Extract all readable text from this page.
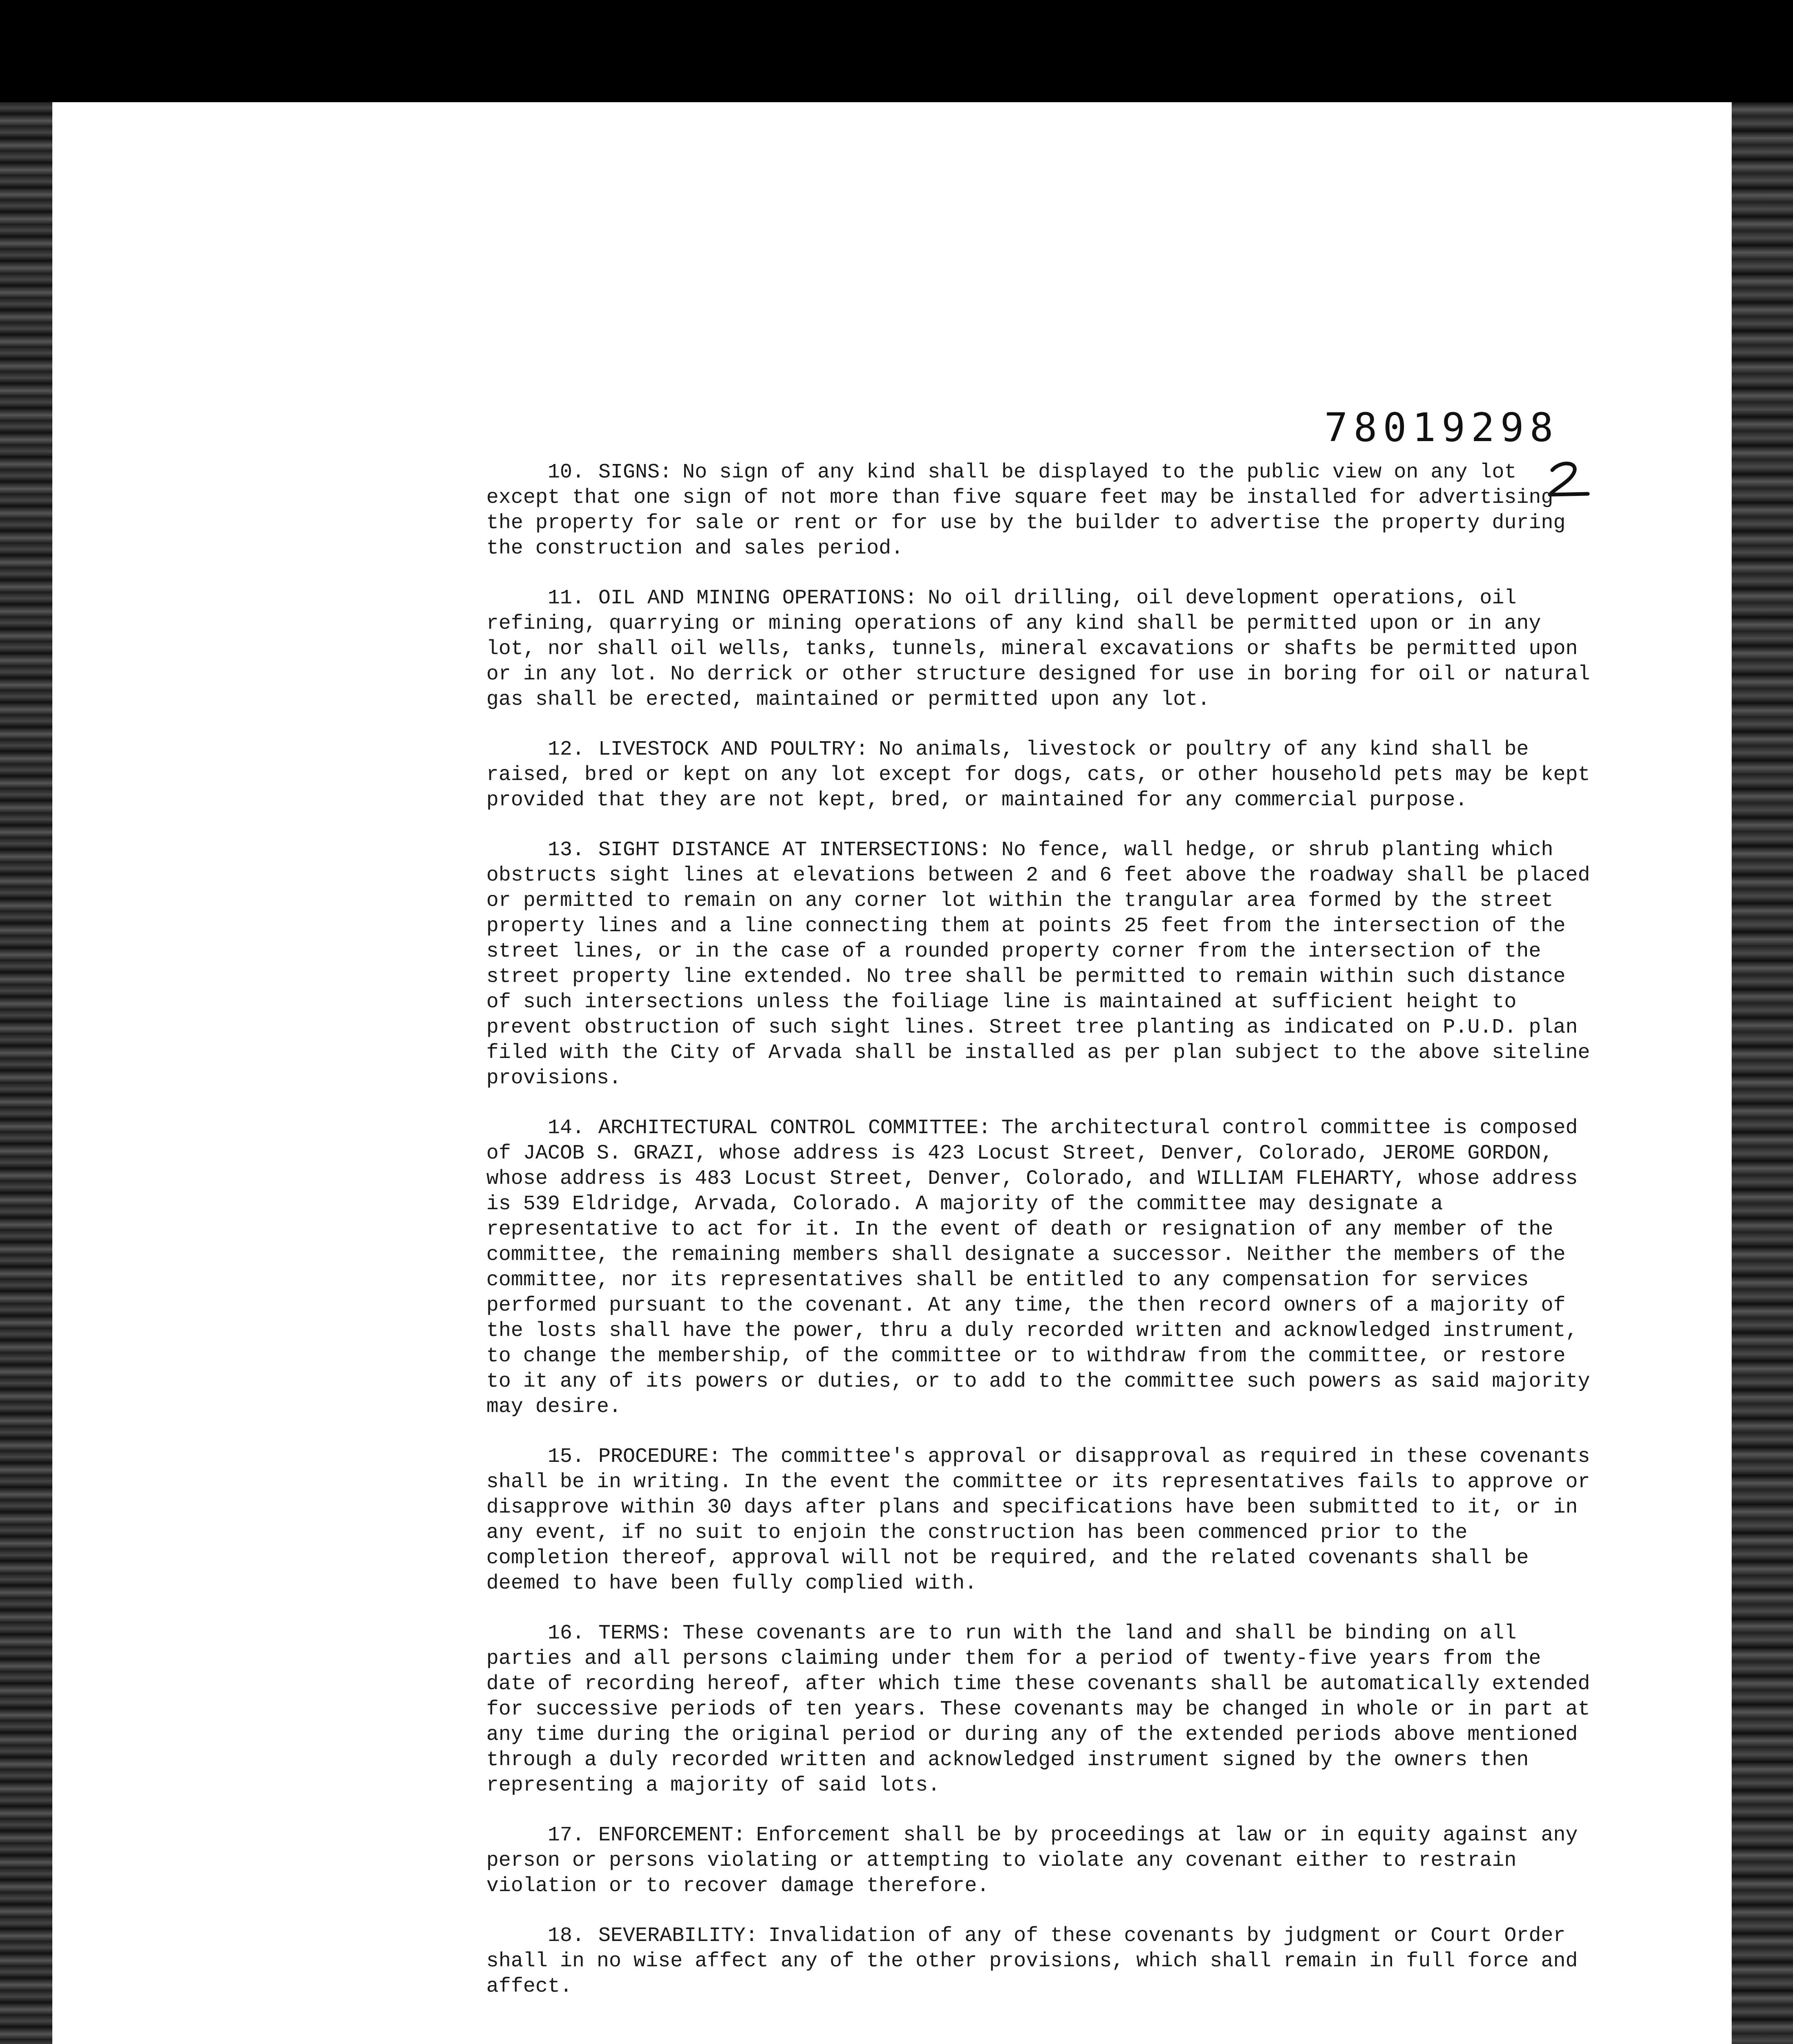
78019298

10. SIGNS: No sign of any kind shall be displayed to the public view on any lot except that one sign of not more than five square feet may be installed for advertising the property for sale or rent or for use by the builder to advertise the property during the construction and sales period.

11. OIL AND MINING OPERATIONS: No oil drilling, oil development operations, oil refining, quarrying or mining operations of any kind shall be permitted upon or in any lot, nor shall oil wells, tanks, tunnels, mineral excavations or shafts be permitted upon or in any lot. No derrick or other structure designed for use in boring for oil or natural gas shall be erected, maintained or permitted upon any lot.

12. LIVESTOCK AND POULTRY: No animals, livestock or poultry of any kind shall be raised, bred or kept on any lot except for dogs, cats, or other household pets may be kept provided that they are not kept, bred, or maintained for any commercial purpose.

13. SIGHT DISTANCE AT INTERSECTIONS: No fence, wall hedge, or shrub planting which obstructs sight lines at elevations between 2 and 6 feet above the roadway shall be placed or permitted to remain on any corner lot within the trangular area formed by the street property lines and a line connecting them at points 25 feet from the intersection of the street lines, or in the case of a rounded property corner from the intersection of the street property line extended. No tree shall be permitted to remain within such distance of such intersections unless the foiliage line is maintained at sufficient height to prevent obstruction of such sight lines. Street tree planting as indicated on P.U.D. plan filed with the City of Arvada shall be installed as per plan subject to the above siteline provisions.

14. ARCHITECTURAL CONTROL COMMITTEE: The architectural control committee is composed of JACOB S. GRAZI, whose address is 423 Locust Street, Denver, Colorado, JEROME GORDON, whose address is 483 Locust Street, Denver, Colorado, and WILLIAM FLEHARTY, whose address is 539 Eldridge, Arvada, Colorado. A majority of the committee may designate a representative to act for it. In the event of death or resignation of any member of the committee, the remaining members shall designate a successor. Neither the members of the committee, nor its representatives shall be entitled to any compensation for services performed pursuant to the covenant. At any time, the then record owners of a majority of the losts shall have the power, thru a duly recorded written and acknowledged instrument, to change the membership, of the committee or to withdraw from the committee, or restore to it any of its powers or duties, or to add to the committee such powers as said majority may desire.

15. PROCEDURE: The committee's approval or disapproval as required in these covenants shall be in writing. In the event the committee or its representatives fails to approve or disapprove within 30 days after plans and specifications have been submitted to it, or in any event, if no suit to enjoin the construction has been commenced prior to the completion thereof, approval will not be required, and the related covenants shall be deemed to have been fully complied with.

16. TERMS: These covenants are to run with the land and shall be binding on all parties and all persons claiming under them for a period of twenty-five years from the date of recording hereof, after which time these covenants shall be automatically extended for successive periods of ten years. These covenants may be changed in whole or in part at any time during the original period or during any of the extended periods above mentioned through a duly recorded written and acknowledged instrument signed by the owners then representing a majority of said lots.

17. ENFORCEMENT: Enforcement shall be by proceedings at law or in equity against any person or persons violating or attempting to violate any covenant either to restrain violation or to recover damage therefore.

18. SEVERABILITY: Invalidation of any of these covenants by judgment or Court Order shall in no wise affect any of the other provisions, which shall remain in full force and affect.
